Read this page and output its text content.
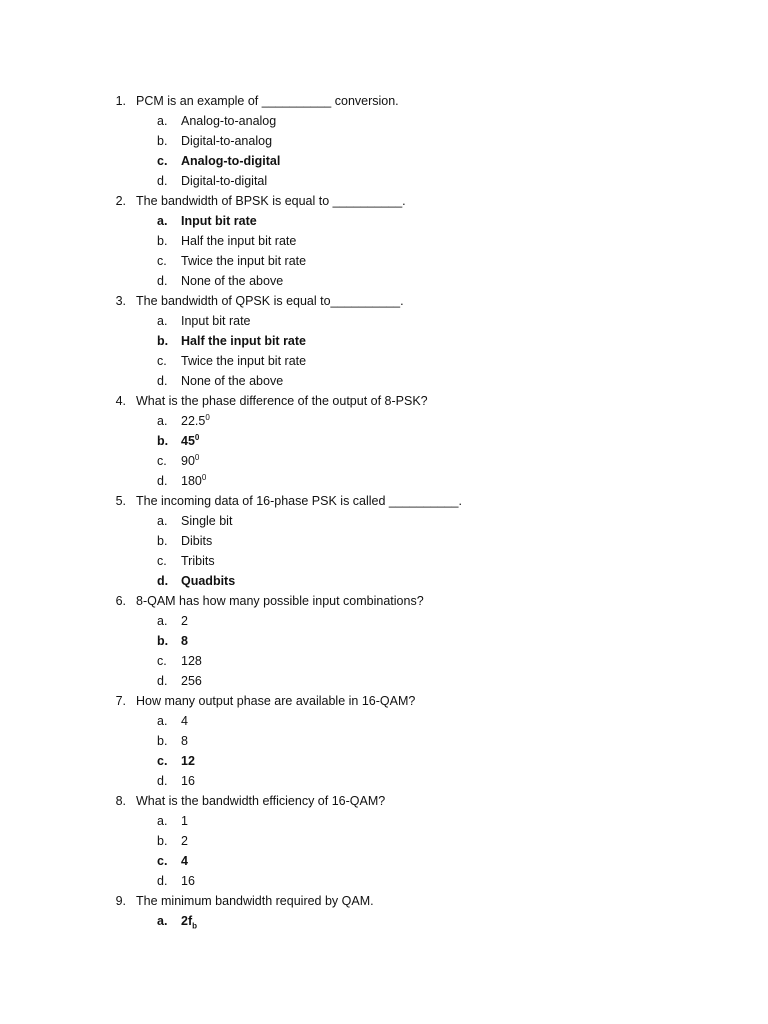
1. PCM is an example of __________ conversion.
a. Analog-to-analog
b. Digital-to-analog
c. Analog-to-digital
d. Digital-to-digital
2. The bandwidth of BPSK is equal to __________.
a. Input bit rate
b. Half the input bit rate
c. Twice the input bit rate
d. None of the above
3. The bandwidth of QPSK is equal to__________.
a. Input bit rate
b. Half the input bit rate
c. Twice the input bit rate
d. None of the above
4. What is the phase difference of the output of 8-PSK?
a. 22.5$^0$
b. $45^0$
c. $90^0$
d. $180^0$
5. The incoming data of 16-phase PSK is called __________.
a. Single bit
b. Dibits
c. Tribits
d. Quadbits
6. 8-QAM has how many possible input combinations?
a. 2
b. 8
c. 128
d. 256
7. How many output phase are available in 16-QAM?
a. 4
b. 8
c. 12
d. 16
8. What is the bandwidth efficiency of 16-QAM?
a. 1
b. 2
c. 4
d. 16
9. The minimum bandwidth required by QAM.
a. $2f_b$
